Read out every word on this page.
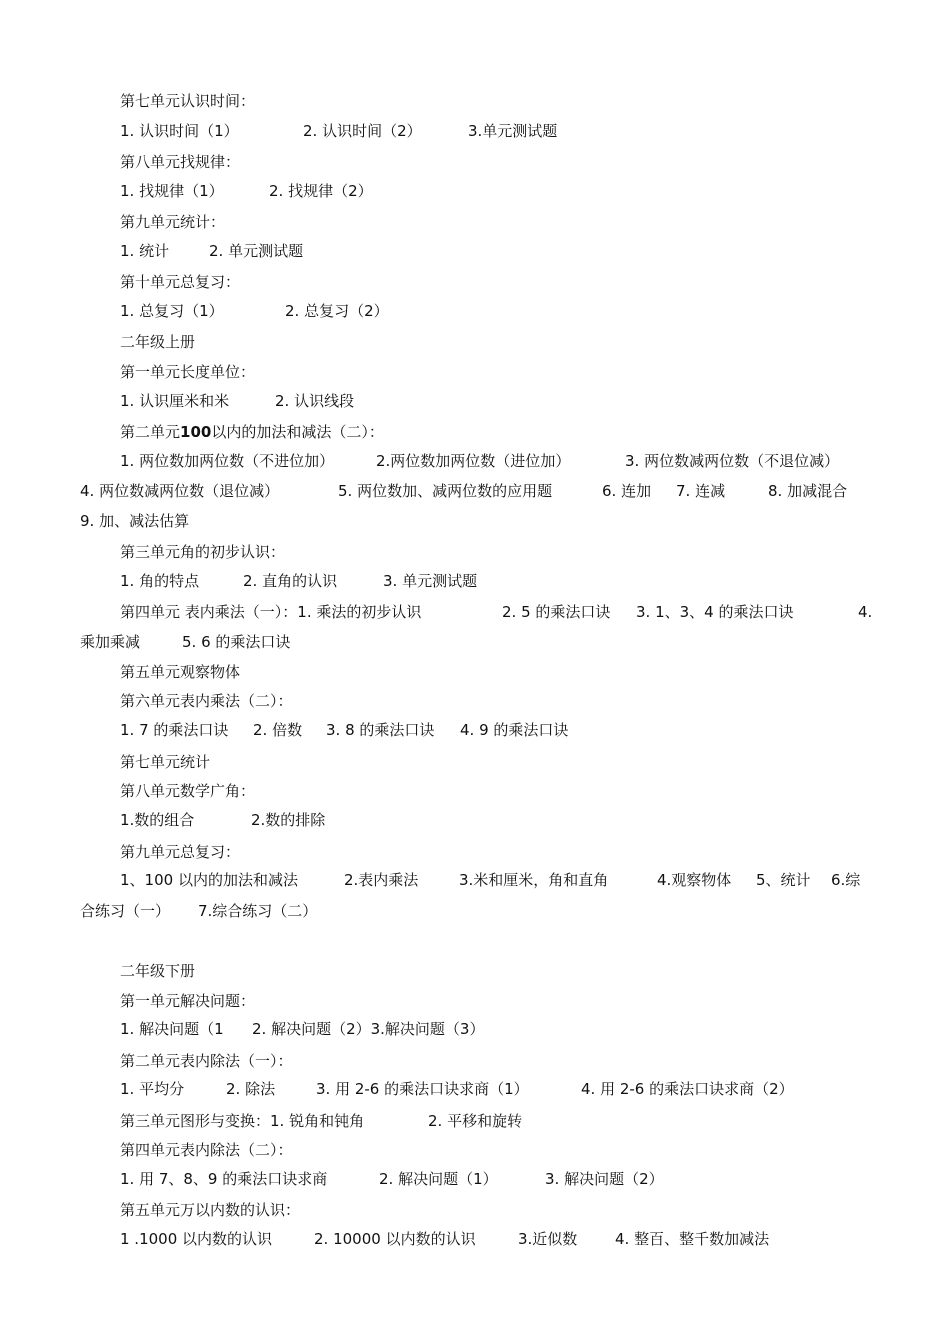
第七单元认识时间：
1. 认识时间（1）	2. 认识时间（2）	3.单元测试题
第八单元找规律：
1. 找规律（1）	2. 找规律（2）
第九单元统计：
1. 统计	2. 单元测试题
第十单元总复习：
1. 总复习（1）	2. 总复习（2）
二年级上册
第一单元长度单位：
1. 认识厘米和米	2. 认识线段
第二单元100以内的加法和减法（二）：
1. 两位数加两位数（不进位加）	2.两位数加两位数（进位加）	3. 两位数减两位数（不退位减）
4. 两位数减两位数（退位减）	5. 两位数加、减两位数的应用题	6. 连加 7. 连减	8. 加减混合
9. 加、减法估算
第三单元角的初步认识：
1. 角的特点	2. 直角的认识	3. 单元测试题
第四单元 表内乘法（一）：1. 乘法的初步认识	2. 5 的乘法口诀 3. 1、3、4 的乘法口诀	4.
乘加乘减	5. 6 的乘法口诀
第五单元观察物体
第六单元表内乘法（二）：
1. 7 的乘法口诀 2. 倍数 3. 8 的乘法口诀 4. 9 的乘法口诀
第七单元统计
第八单元数学广角：
1.数的组合	2.数的排除
第九单元总复习：
1、100 以内的加法和减法	2.表内乘法	3.米和厘米，角和直角	4.观察物体 5、统计 6.综
合练习（一） 7.综合练习（二）
二年级下册
第一单元解决问题：
1. 解决问题（1 2. 解决问题（2）3.解决问题（3）
第二单元表内除法（一）：
1. 平均分	2. 除法	3. 用 2-6 的乘法口诀求商（1）	4. 用 2-6 的乘法口诀求商（2）
第三单元图形与变换：1. 锐角和钝角	2. 平移和旋转
第四单元表内除法（二）：
1. 用 7、8、9 的乘法口诀求商	2. 解决问题（1）	3. 解决问题（2）
第五单元万以内数的认识：
1 .1000 以内数的认识	2. 10000 以内数的认识	3.近似数	4. 整百、整千数加减法
